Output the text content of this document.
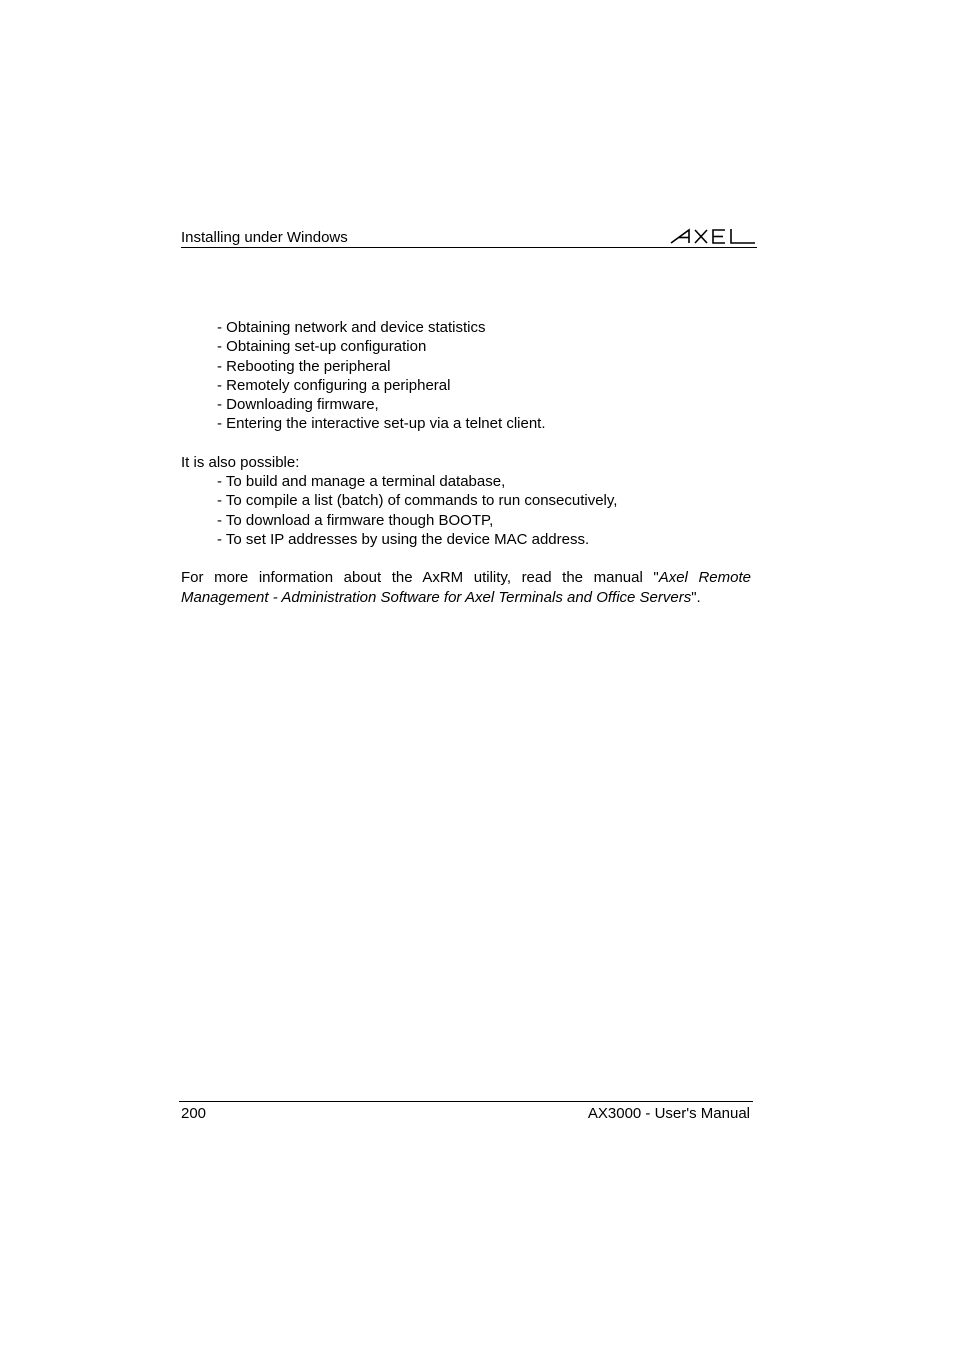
Installing under Windows
- Obtaining network and device statistics
- Obtaining set-up configuration
- Rebooting the peripheral
- Remotely configuring a peripheral
- Downloading firmware,
- Entering the interactive set-up via a telnet client.
It is also possible:
- To build and manage a terminal database,
- To compile a list (batch) of commands to run consecutively,
- To download a firmware though BOOTP,
- To set IP addresses by using the device MAC address.

For more information about the AxRM utility, read the manual "Axel Remote Management - Administration Software for Axel Terminals and Office Servers".

200	AX3000 - User's Manual
